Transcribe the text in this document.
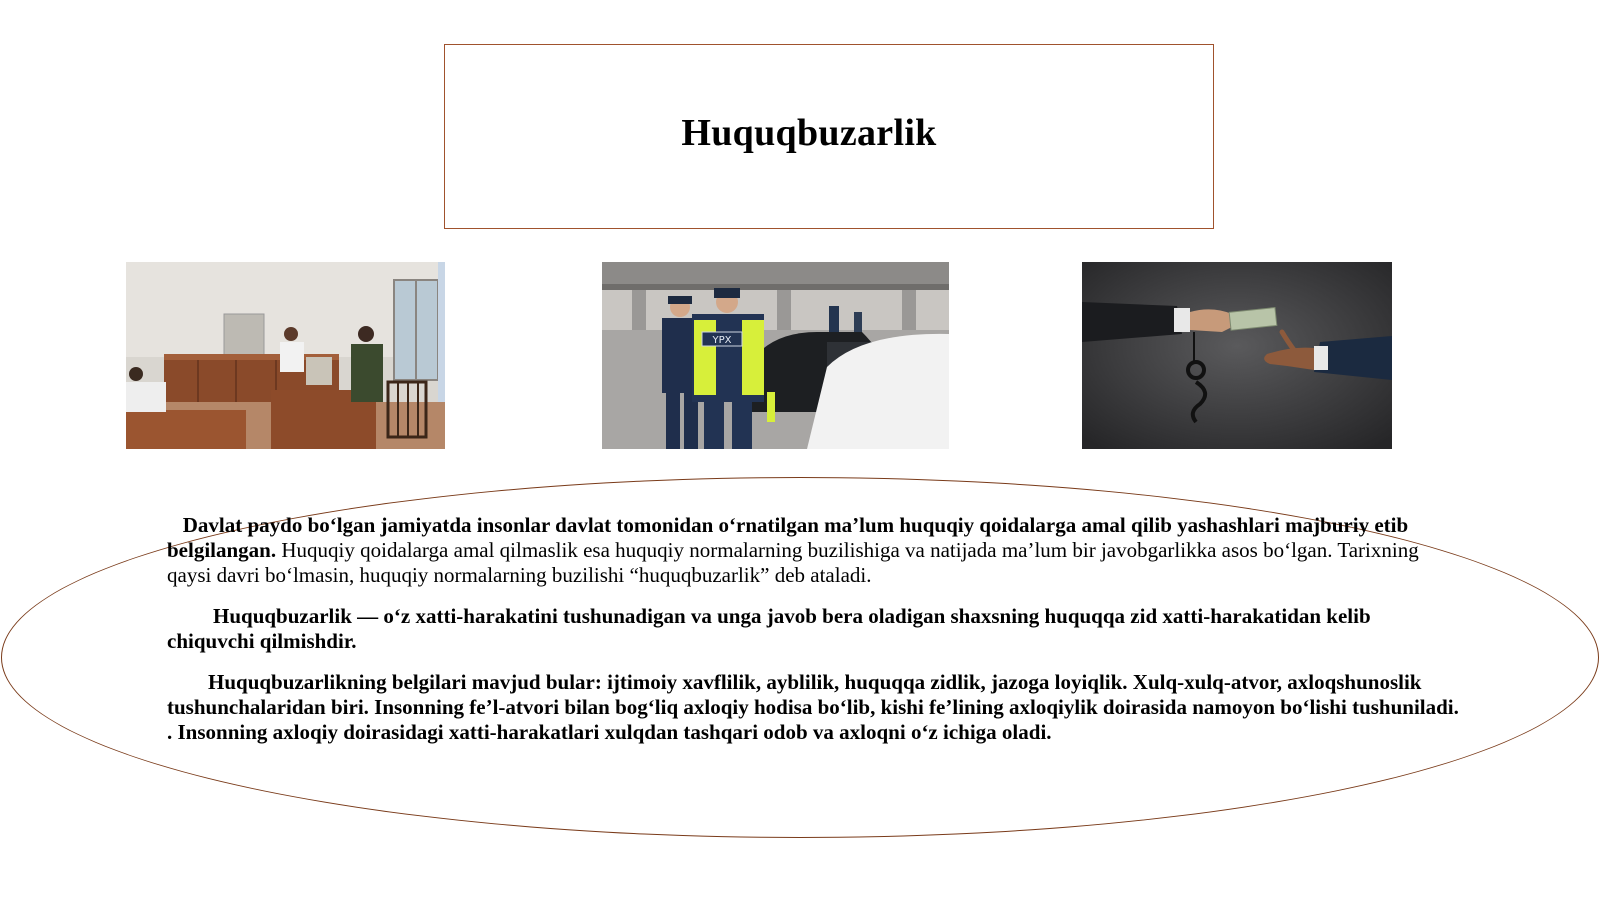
Huquqbuzarlik
YPX

Davlat paydo bo‘lgan jamiyatda insonlar davlat tomonidan o‘rnatilgan ma’lum huquqiy qoidalarga amal qilib yashashlari majburiy etib belgilangan. Huquqiy qoidalarga amal qilmaslik esa huquqiy normalarning buzilishiga va natijada ma’lum bir javobgarlikka asos bo‘lgan. Tarixning qaysi davri bo‘lmasin, huquqiy normalarning buzilishi “huquqbuzarlik” deb ataladi.

Huquqbuzarlik — o‘z xatti-harakatini tushunadigan va unga javob bera oladigan shaxsning huquqqa zid xatti-harakatidan kelib chiquvchi qilmishdir.

Huquqbuzarlikning belgilari mavjud bular: ijtimoiy xavflilik, ayblilik, huquqqa zidlik, jazoga loyiqlik. Xulq-xulq-atvor, axloqshunoslik tushunchalaridan biri. Insonning fe’l-atvori bilan bog‘liq axloqiy hodisa bo‘lib, kishi fe’lining axloqiylik doirasida namoyon bo‘lishi tushuniladi. . Insonning axloqiy doirasidagi xatti-harakatlari xulqdan tashqari odob va axloqni o‘z ichiga oladi.
